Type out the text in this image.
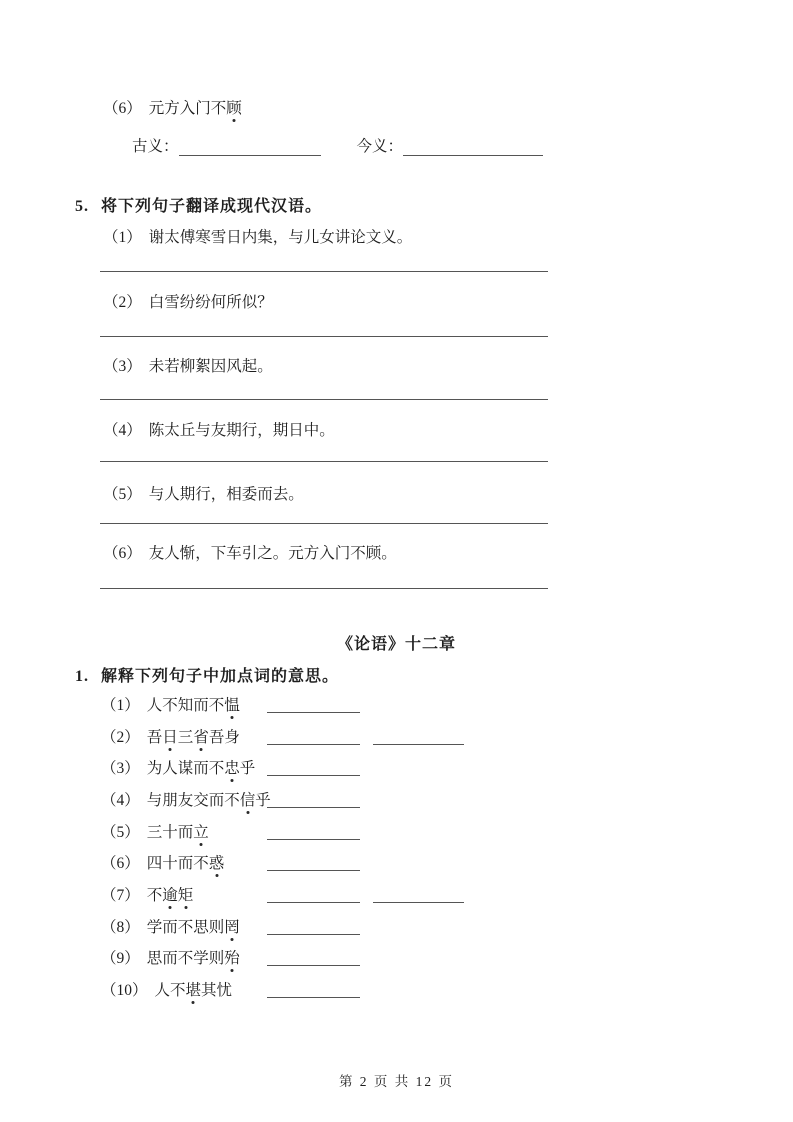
（6） 元方入门不顾
古义：	今义：
5. 将下列句子翻译成现代汉语。
（1） 谢太傅寒雪日内集，与儿女讲论文义。
（2） 白雪纷纷何所似？
（3） 未若柳絮因风起。
（4） 陈太丘与友期行，期日中。
（5） 与人期行，相委而去。
（6） 友人惭，下车引之。元方入门不顾。
《论语》十二章
1. 解释下列句子中加点词的意思。
（1） 人不知而不愠
（2） 吾日三省吾身
（3） 为人谋而不忠乎
（4） 与朋友交而不信乎
（5） 三十而立
（6） 四十而不惑
（7） 不逾矩
（8） 学而不思则罔
（9） 思而不学则殆
（10） 人不堪其忧
第 2 页 共 12 页
